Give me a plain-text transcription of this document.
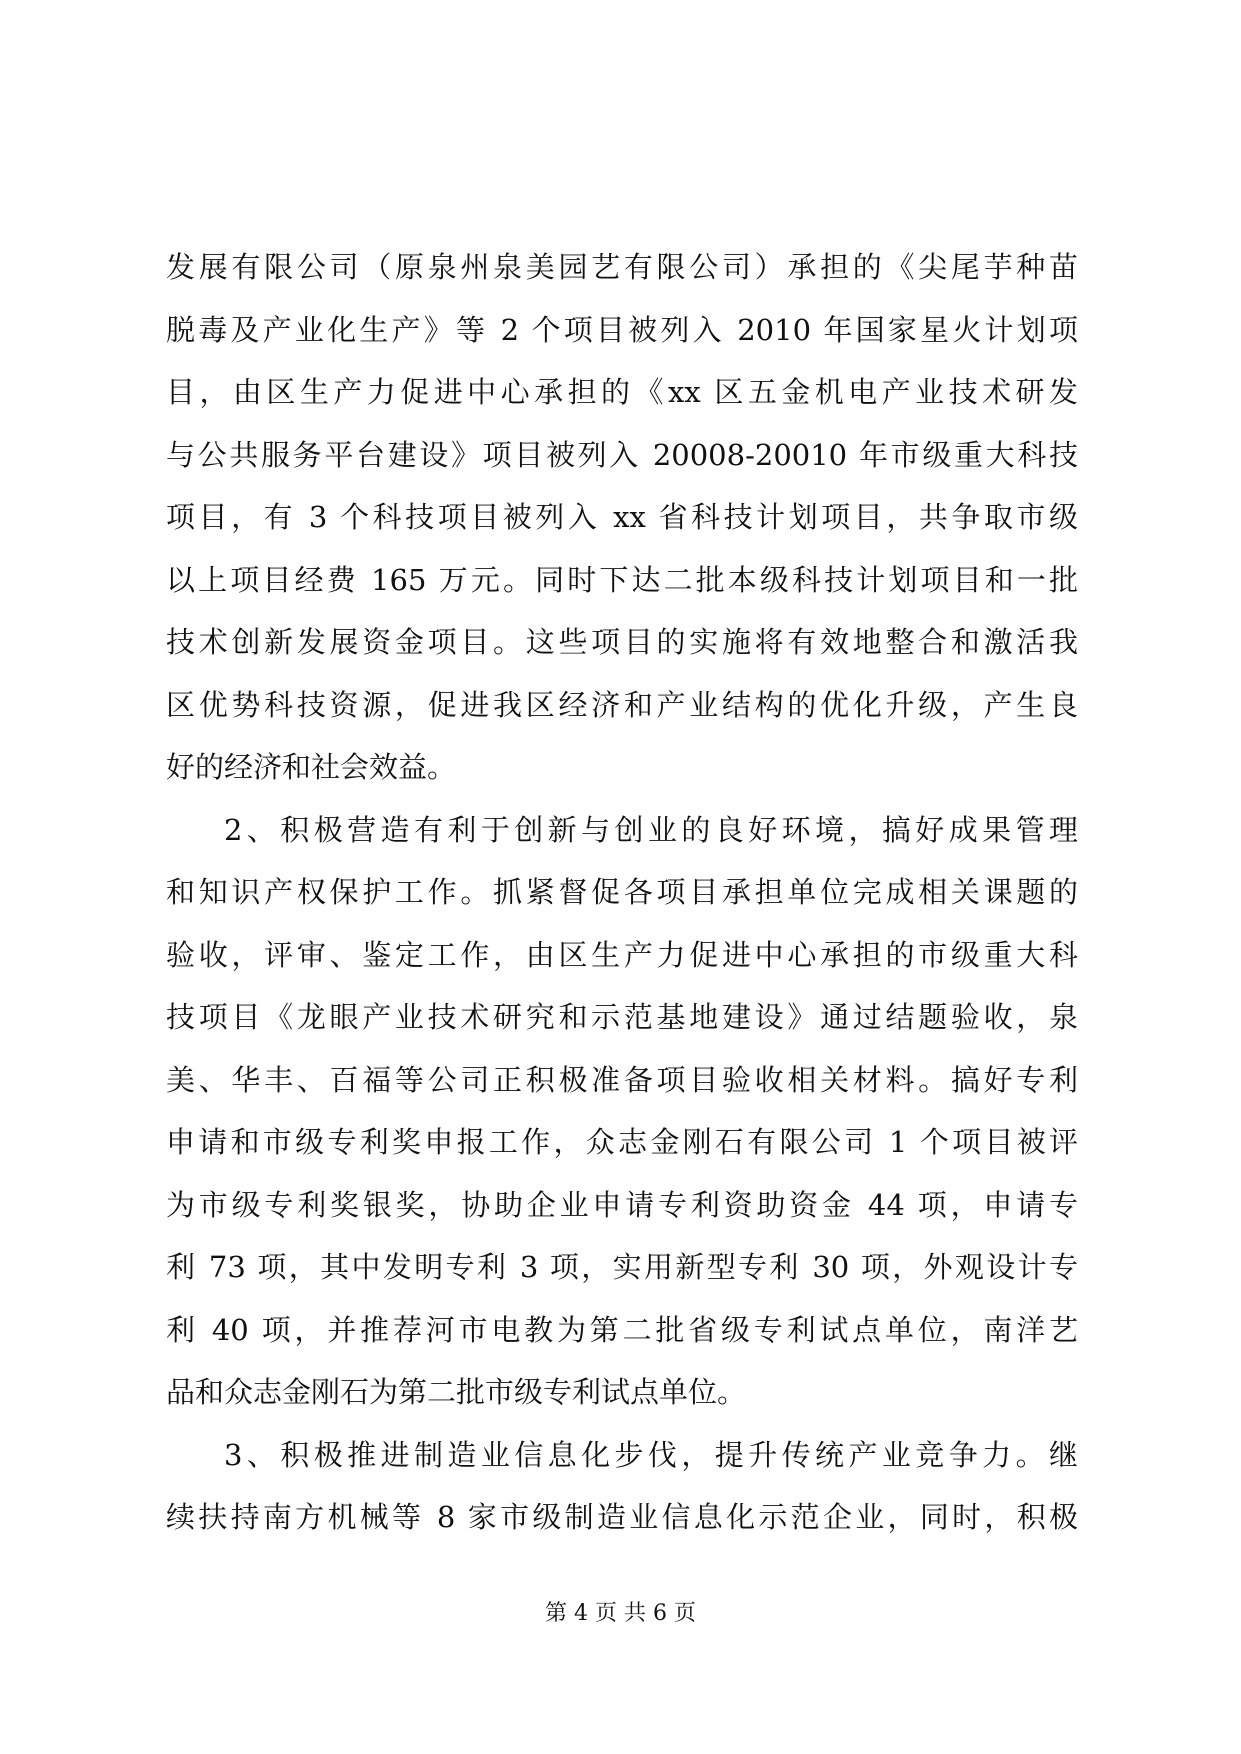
发展有限公司（原泉州泉美园艺有限公司）承担的《尖尾芋种苗
脱毒及产业化生产》等 2 个项目被列入 2010 年国家星火计划项
目，由区生产力促进中心承担的《xx 区五金机电产业技术研发
与公共服务平台建设》项目被列入 20008-20010 年市级重大科技
项目，有 3 个科技项目被列入 xx 省科技计划项目，共争取市级
以上项目经费 165 万元。同时下达二批本级科技计划项目和一批
技术创新发展资金项目。这些项目的实施将有效地整合和激活我
区优势科技资源，促进我区经济和产业结构的优化升级，产生良
好的经济和社会效益。
2、积极营造有利于创新与创业的良好环境，搞好成果管理
和知识产权保护工作。抓紧督促各项目承担单位完成相关课题的
验收，评审、鉴定工作，由区生产力促进中心承担的市级重大科
技项目《龙眼产业技术研究和示范基地建设》通过结题验收，泉
美、华丰、百福等公司正积极准备项目验收相关材料。搞好专利
申请和市级专利奖申报工作，众志金刚石有限公司 1 个项目被评
为市级专利奖银奖，协助企业申请专利资助资金 44 项，申请专
利 73 项，其中发明专利 3 项，实用新型专利 30 项，外观设计专
利 40 项，并推荐河市电教为第二批省级专利试点单位，南洋艺
品和众志金刚石为第二批市级专利试点单位。
3、积极推进制造业信息化步伐，提升传统产业竞争力。继
续扶持南方机械等 8 家市级制造业信息化示范企业，同时，积极
第 4 页 共 6 页
